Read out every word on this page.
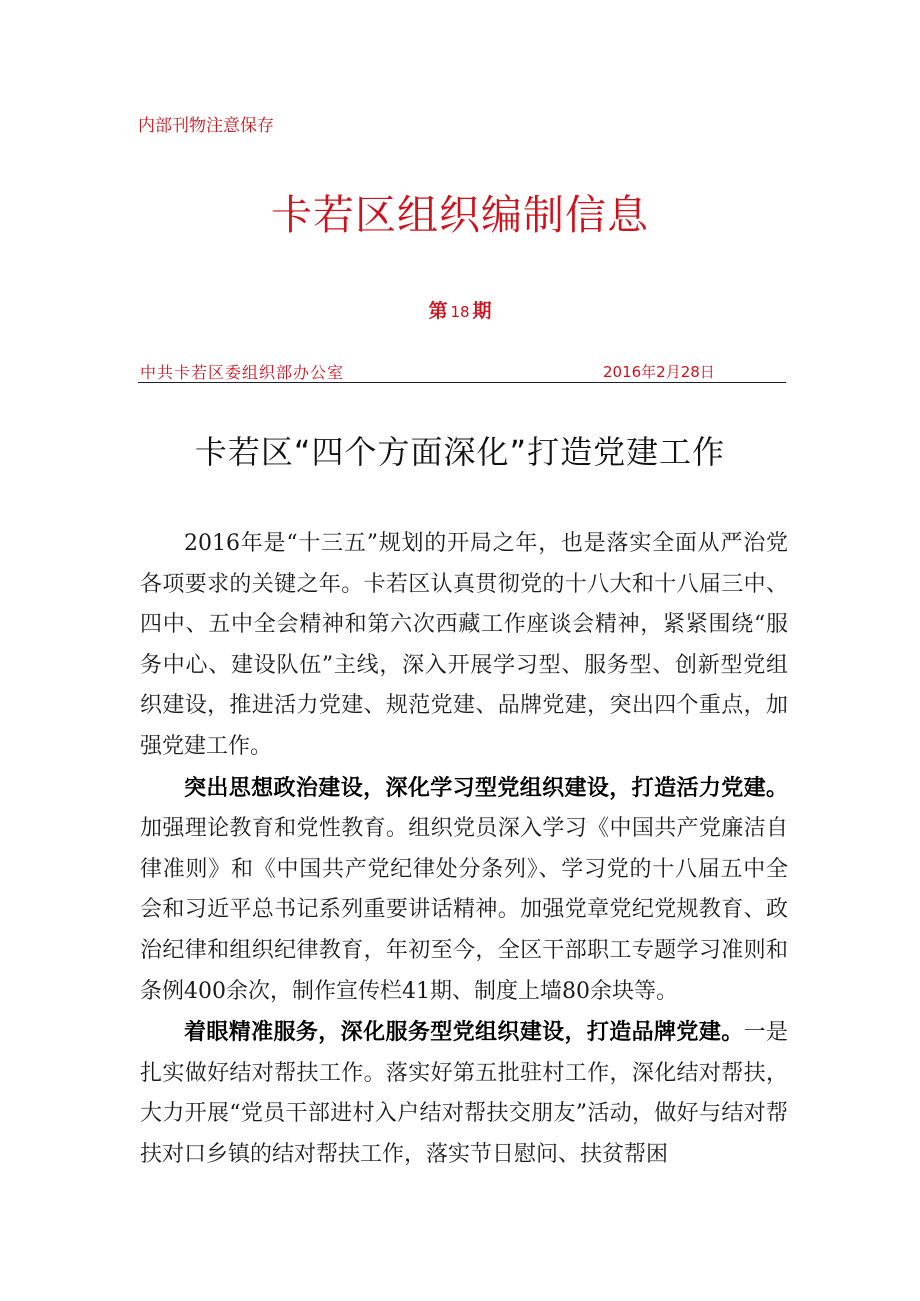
内部刊物注意保存
卡若区组织编制信息
第 18 期
中共卡若区委组织部办公室	2016年2月28日
卡若区“四个方面深化”打造党建工作

2016年是“十三五”规划的开局之年，也是落实全面从严治党各项要求的关键之年。卡若区认真贯彻党的十八大和十八届三中、四中、五中全会精神和第六次西藏工作座谈会精神，紧紧围绕“服务中心、建设队伍”主线，深入开展学习型、服务型、创新型党组织建设，推进活力党建、规范党建、品牌党建，突出四个重点，加强党建工作。

突出思想政治建设，深化学习型党组织建设，打造活力党建。加强理论教育和党性教育。组织党员深入学习《中国共产党廉洁自律准则》和《中国共产党纪律处分条列》、学习党的十八届五中全会和习近平总书记系列重要讲话精神。加强党章党纪党规教育、政治纪律和组织纪律教育，年初至今，全区干部职工专题学习准则和条例400余次，制作宣传栏41期、制度上墙80余块等。

着眼精准服务，深化服务型党组织建设，打造品牌党建。一是扎实做好结对帮扶工作。落实好第五批驻村工作，深化结对帮扶，大力开展“党员干部进村入户结对帮扶交朋友”活动，做好与结对帮扶对口乡镇的结对帮扶工作，落实节日慰问、扶贫帮困
